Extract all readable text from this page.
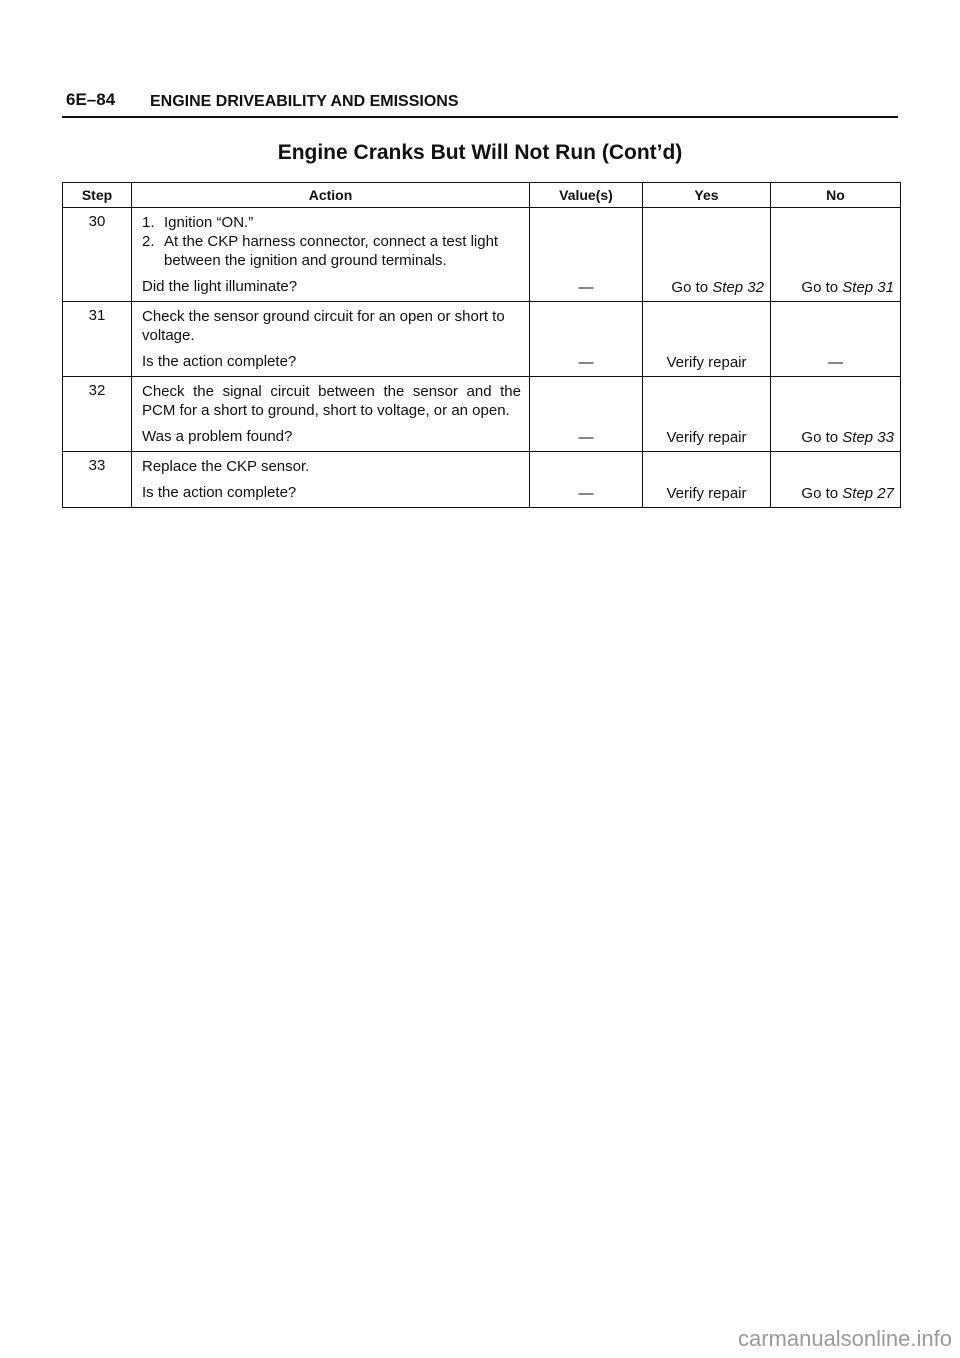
6E–84 ENGINE DRIVEABILITY AND EMISSIONS
Engine Cranks But Will Not Run (Cont’d)
Step	Action	Value(s)	Yes	No
30	1. Ignition “ON.”
2. At the CKP harness connector, connect a test light between the ignition and ground terminals.
Did the light illuminate?	—	Go to Step 32	Go to Step 31
31	Check the sensor ground circuit for an open or short to voltage.
Is the action complete?	—	Verify repair	—
32	Check the signal circuit between the sensor and the PCM for a short to ground, short to voltage, or an open.
Was a problem found?	—	Verify repair	Go to Step 33
33	Replace the CKP sensor.
Is the action complete?	—	Verify repair	Go to Step 27
carmanualsonline.info
